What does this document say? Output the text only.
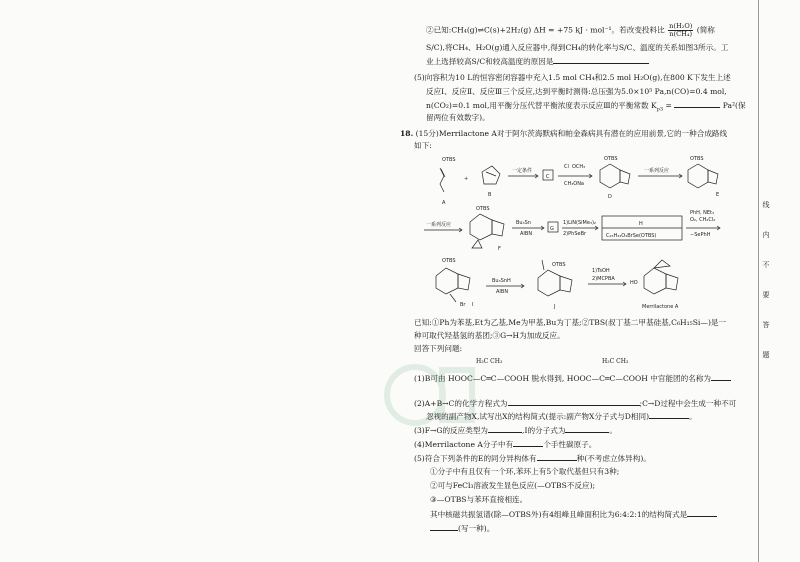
线
内
不
要
答
题
②已知:CH₄(g)⇌C(s)+2H₂(g) ΔH = +75 kJ · mol⁻¹。若改变投料比 $\frac{\text{n(H₂O)}}{\text{n(CH₄)}}$ (简称
S/C),将CH₄、H₂O(g)通入反应器中,得到CH₄的转化率与S/C、温度的关系如图3所示。工
业上选择较高S/C和较高温度的原因是
(5)向容积为10 L的恒容密闭容器中充入1.5 mol CH₄和2.5 mol H₂O(g),在800 K下发生上述
反应Ⅰ、反应Ⅱ、反应Ⅲ三个反应,达到平衡时测得:总压强为5.0×10⁵ Pa,n(CO)=0.4 mol,
n(CO₂)=0.1 mol,用平衡分压代替平衡浓度表示反应Ⅲ的平衡常数 $K_{p3}$ =	Pa²(保
留两位有效数字)。
18. (15分)Merrilactone A对于阿尔茨海默病和帕金森病具有潜在的应用前景,它的一种合成路线
如下:
OTBS
+
A
B
一定条件
C
Cl OCH₃
CH₃ONa
OTBS
D
一系列反应
OTBS
E
一系列反应
OTBS
F
Bu₃Sn
AIBN
G
1)LiN(SiMe₃)₂
2)PhSeBr
H
C₂₅H₃₄O₄BrSe(OTBS)
PhH, NEt₃
O₂, CH₂Cl₂
−SePhH
OTBS
Br I
Bu₃SnH
AIBN
OTBS
J
1)TsOH
2)MCPBA
HO
Merrilactone A
已知:①Ph为苯基,Et为乙基,Me为甲基,Bu为丁基;②TBS(叔丁基二甲基硅基,C₆H₁₅Si—)是一
种可取代羟基氢的基团;③G→H为加成反应。
回答下列问题:
H₃C CH₃	H₃C CH₃
(1)B可由 HOOC—C═C—COOH 脱水得到, HOOC—C═C—COOH 中官能团的名称为
(2)A+B→C的化学方程式为	;C→D过程中会生成一种不可
忽视的副产物X,试写出X的结构简式(提示:副产物X分子式与D相同)	。
(3)F→G的反应类型为	,I的分子式为	。
(4)Merrilactone A分子中有	个手性碳原子。
(5)符合下列条件的E的同分异构体有	种(不考虑立体异构)。
①分子中有且仅有一个环,苯环上有5个取代基但只有3种;
②可与FeCl₃溶液发生显色反应(—OTBS不反应);
③—OTBS与苯环直接相连。
其中核磁共振氢谱(除—OTBS外)有4组峰且峰面积比为6:4:2:1的结构简式是
(写一种)。
